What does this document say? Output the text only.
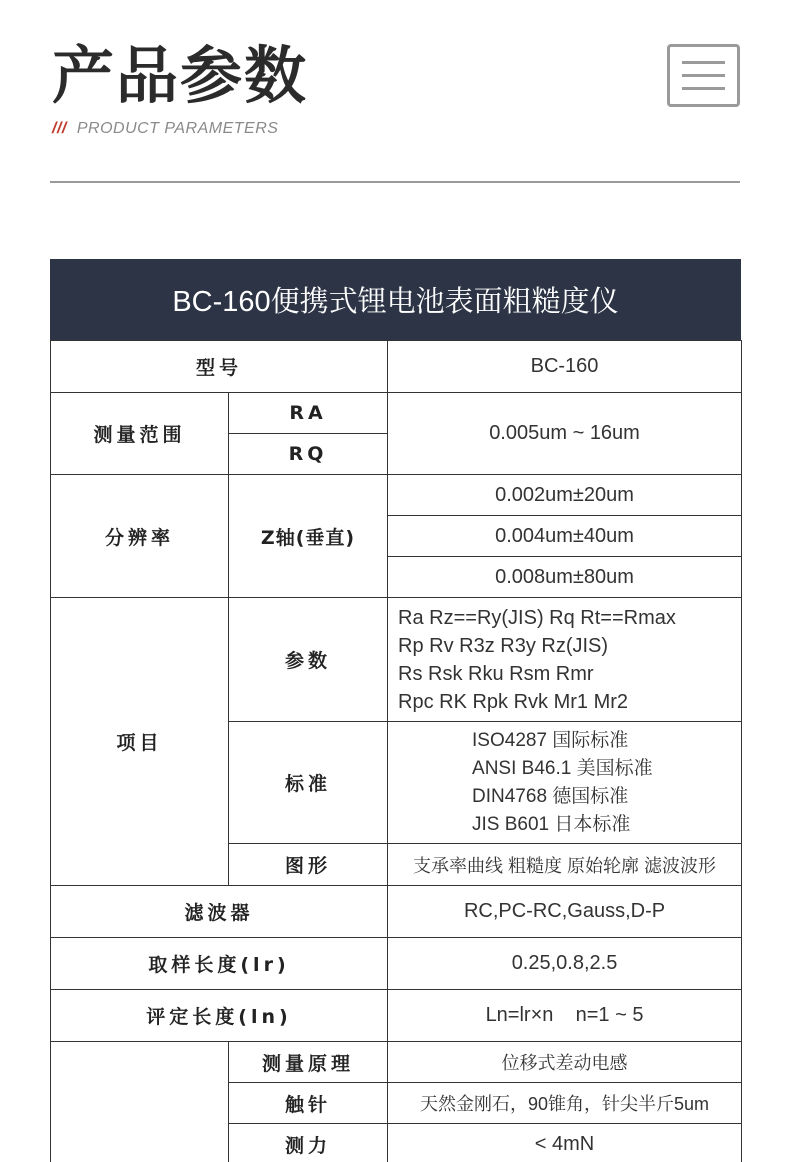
产品参数
/// PRODUCT PARAMETERS
BC-160便携式锂电池表面粗糙度仪
型号		BC-160
测量范围	RA	0.005um ~ 16um
	RQ	
分辨率	Z轴(垂直)	0.002um±20um
		0.004um±40um
		0.008um±80um
项目	参数	Ra Rz==Ry(JIS) Rq Rt==Rmax
Rp Rv R3z R3y Rz(JIS)
Rs Rsk Rku Rsm Rmr
Rpc RK Rpk Rvk Mr1 Mr2

	标准	ISO4287 国际标准
ANSI B46.1 美国标准
DIN4768 德国标准
JIS B601 日本标准

	图形	支承率曲线 粗糙度 原始轮廓 滤波波形
滤波器		RC,PC-RC,Gauss,D-P
取样长度(lr)		0.25,0.8,2.5
评定长度(ln)		Ln=lr×n    n=1 ~ 5
	测量原理	位移式差动电感
	触针	天然金刚石，90锥角，针尖半斤5um
	测力	< 4mN
